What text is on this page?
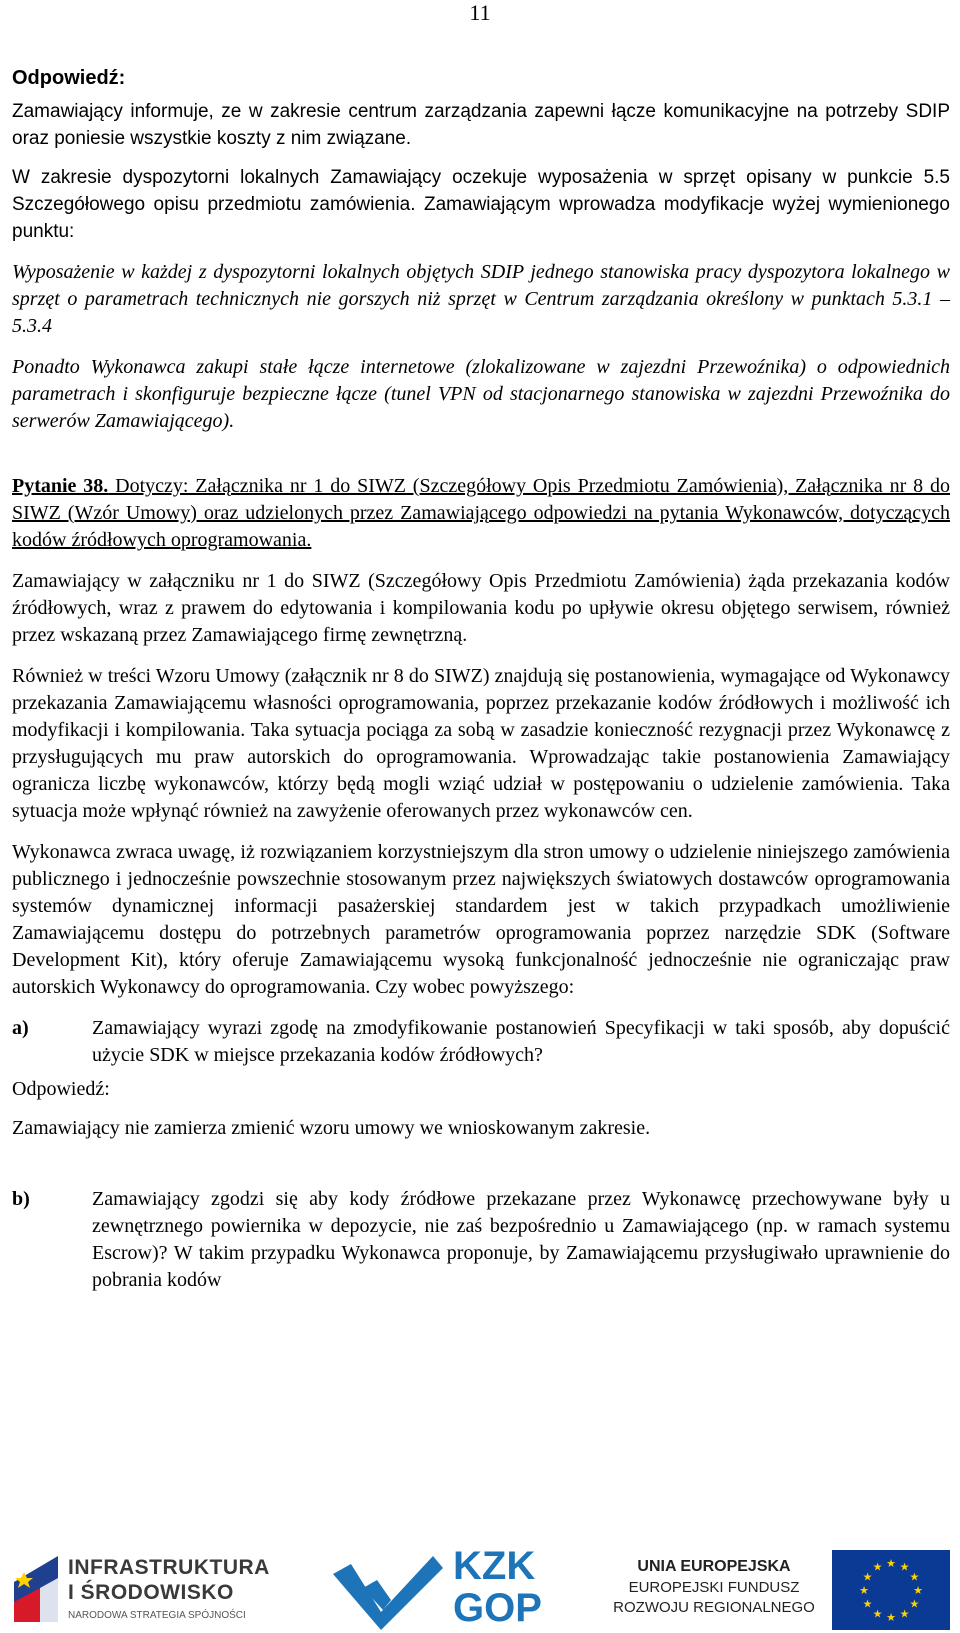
11

Odpowiedź:

Zamawiający informuje, ze w zakresie centrum zarządzania zapewni łącze komunikacyjne na potrzeby SDIP oraz poniesie wszystkie koszty z nim związane.

W zakresie dyspozytorni lokalnych Zamawiający oczekuje wyposażenia w sprzęt opisany w punkcie 5.5 Szczegółowego opisu przedmiotu zamówienia. Zamawiającym wprowadza modyfikacje wyżej wymienionego punktu:

Wyposażenie w każdej z dyspozytorni lokalnych objętych SDIP jednego stanowiska pracy dyspozytora lokalnego w sprzęt o parametrach technicznych nie gorszych niż sprzęt w Centrum zarządzania określony w punktach 5.3.1 – 5.3.4

Ponadto Wykonawca zakupi stałe łącze internetowe (zlokalizowane w zajezdni Przewoźnika) o odpowiednich parametrach i skonfiguruje bezpieczne łącze (tunel VPN od stacjonarnego stanowiska w zajezdni Przewoźnika do serwerów Zamawiającego).

Pytanie 38. Dotyczy: Załącznika nr 1 do SIWZ (Szczegółowy Opis Przedmiotu Zamówienia), Załącznika nr 8 do SIWZ (Wzór Umowy) oraz udzielonych przez Zamawiającego odpowiedzi na pytania Wykonawców, dotyczących kodów źródłowych oprogramowania.

Zamawiający w załączniku nr 1 do SIWZ (Szczegółowy Opis Przedmiotu Zamówienia) żąda przekazania kodów źródłowych, wraz z prawem do edytowania i kompilowania kodu po upływie okresu objętego serwisem, również przez wskazaną przez Zamawiającego firmę zewnętrzną.

Również w treści Wzoru Umowy (załącznik nr 8 do SIWZ) znajdują się postanowienia, wymagające od Wykonawcy przekazania Zamawiającemu własności oprogramowania, poprzez przekazanie kodów źródłowych i możliwość ich modyfikacji i kompilowania. Taka sytuacja pociąga za sobą w zasadzie konieczność rezygnacji przez Wykonawcę z przysługujących mu praw autorskich do oprogramowania. Wprowadzając takie postanowienia Zamawiający ogranicza liczbę wykonawców, którzy będą mogli wziąć udział w postępowaniu o udzielenie zamówienia. Taka sytuacja może wpłynąć również na zawyżenie oferowanych przez wykonawców cen.

Wykonawca zwraca uwagę, iż rozwiązaniem korzystniejszym dla stron umowy o udzielenie niniejszego zamówienia publicznego i jednocześnie powszechnie stosowanym przez największych światowych dostawców oprogramowania systemów dynamicznej informacji pasażerskiej standardem jest w takich przypadkach umożliwienie Zamawiającemu dostępu do potrzebnych parametrów oprogramowania poprzez narzędzie SDK (Software Development Kit), który oferuje Zamawiającemu wysoką funkcjonalność jednocześnie nie ograniczając praw autorskich Wykonawcy do oprogramowania. Czy wobec powyższego:

a)	Zamawiający wyrazi zgodę na zmodyfikowanie postanowień Specyfikacji w taki sposób, aby dopuścić użycie SDK w miejsce przekazania kodów źródłowych?

Odpowiedź:

Zamawiający nie zamierza zmienić wzoru umowy we wnioskowanym zakresie.

b)	Zamawiający zgodzi się aby kody źródłowe przekazane przez Wykonawcę przechowywane były u zewnętrznego powiernika w depozycie, nie zaś bezpośrednio u Zamawiającego (np. w ramach systemu Escrow)? W takim przypadku Wykonawca proponuje, by Zamawiającemu przysługiwało uprawnienie do pobrania kodów

INFRASTRUKTURA
I ŚRODOWISKO
NARODOWA STRATEGIA SPÓJNOŚCI
KZK
GOP
UNIA EUROPEJSKA
EUROPEJSKI FUNDUSZ
ROZWOJU REGIONALNEGO
★ ★
★
★
★
★
★
★
★
★
★
★
